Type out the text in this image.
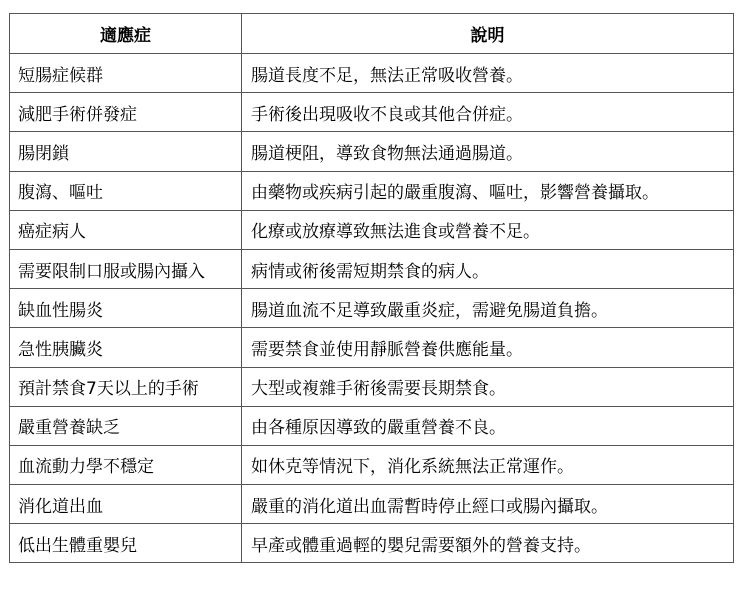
適應症	說明
短腸症候群	腸道長度不足，無法正常吸收營養。
減肥手術併發症	手術後出現吸收不良或其他合併症。
腸閉鎖	腸道梗阻，導致食物無法通過腸道。
腹瀉、嘔吐	由藥物或疾病引起的嚴重腹瀉、嘔吐，影響營養攝取。
癌症病人	化療或放療導致無法進食或營養不足。
需要限制口服或腸內攝入	病情或術後需短期禁食的病人。
缺血性腸炎	腸道血流不足導致嚴重炎症，需避免腸道負擔。
急性胰臟炎	需要禁食並使用靜脈營養供應能量。
預計禁食7天以上的手術	大型或複雜手術後需要長期禁食。
嚴重營養缺乏	由各種原因導致的嚴重營養不良。
血流動力學不穩定	如休克等情況下，消化系統無法正常運作。
消化道出血	嚴重的消化道出血需暫時停止經口或腸內攝取。
低出生體重嬰兒	早產或體重過輕的嬰兒需要額外的營養支持。
